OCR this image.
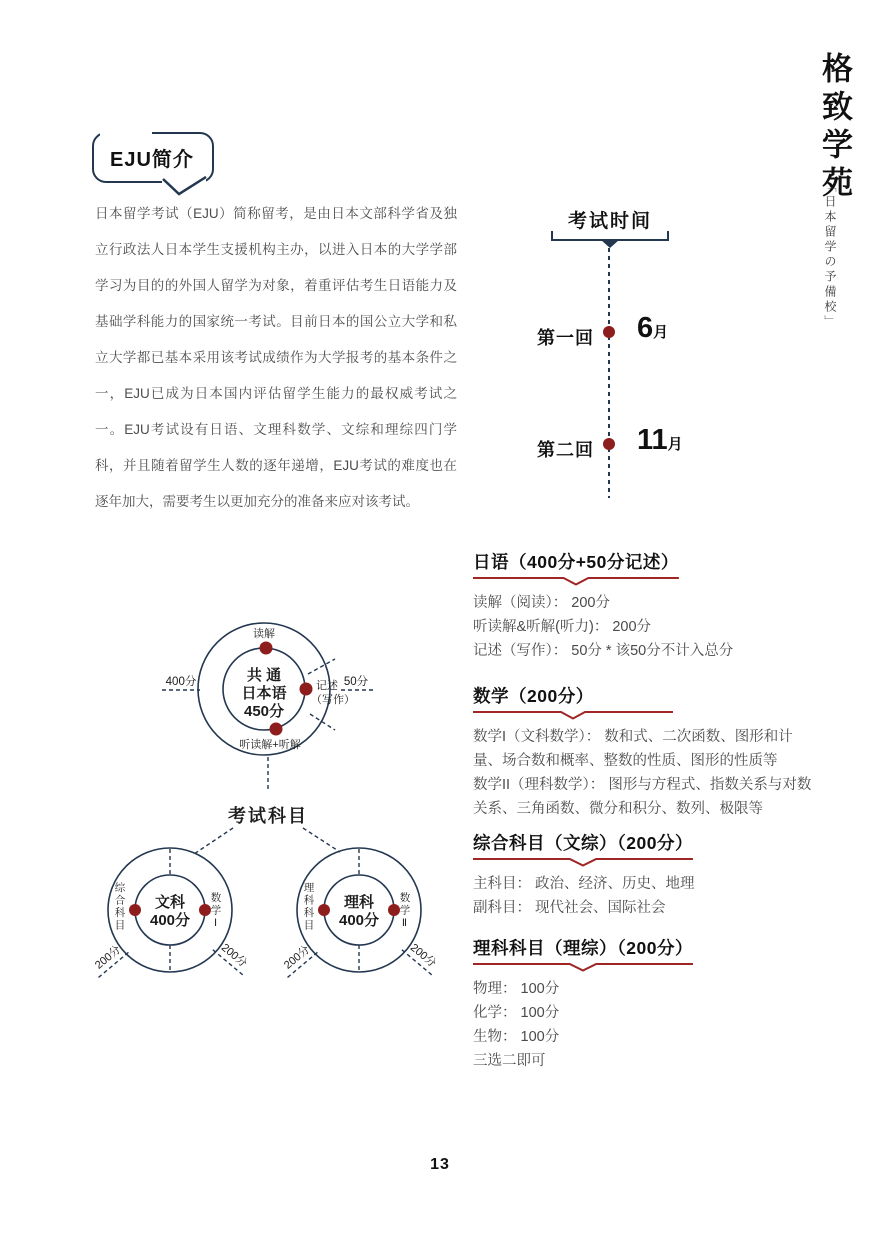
格致学苑
「日本留学の予備校」
EJU简介
日本留学考试（EJU）简称留考，是由日本文部科学省及独立行政法人日本学生支援机构主办，以进入日本的大学学部学习为目的的外国人留学为对象，着重评估考生日语能力及基础学科能力的国家统一考试。目前日本的国公立大学和私立大学都已基本采用该考试成绩作为大学报考的基本条件之一，EJU已成为日本国内评估留学生能力的最权威考试之一。EJU考试设有日语、文理科数学、文综和理综四门学科，并且随着留学生人数的逐年递增，EJU考试的难度也在逐年加大，需要考生以更加充分的准备来应对该考试。
考试时间
第一回 6月
第二回 11月
共 通
日本语
450分
读解
记述
（写作）
听读解+听解
400分	50分
考试科目
文科
400分
200分	200分
理科
400分
200分	200分
综合科目	数学Ⅰ	理科科目	数学Ⅱ
日语（400分+50分记述）
读解（阅读）： 200分
听读解&听解(听力)： 200分
记述（写作）： 50分 * 该50分不计入总分
数学（200分）
数学I（文科数学）： 数和式、二次函数、图形和计量、场合数和概率、整数的性质、图形的性质等
数学II（理科数学）： 图形与方程式、指数关系与对数关系、三角函数、微分和积分、数列、极限等
综合科目（文综）（200分）
主科目： 政治、经济、历史、地理
副科目： 现代社会、国际社会
理科科目（理综）（200分）
物理： 100分
化学： 100分
生物： 100分
三选二即可
13
